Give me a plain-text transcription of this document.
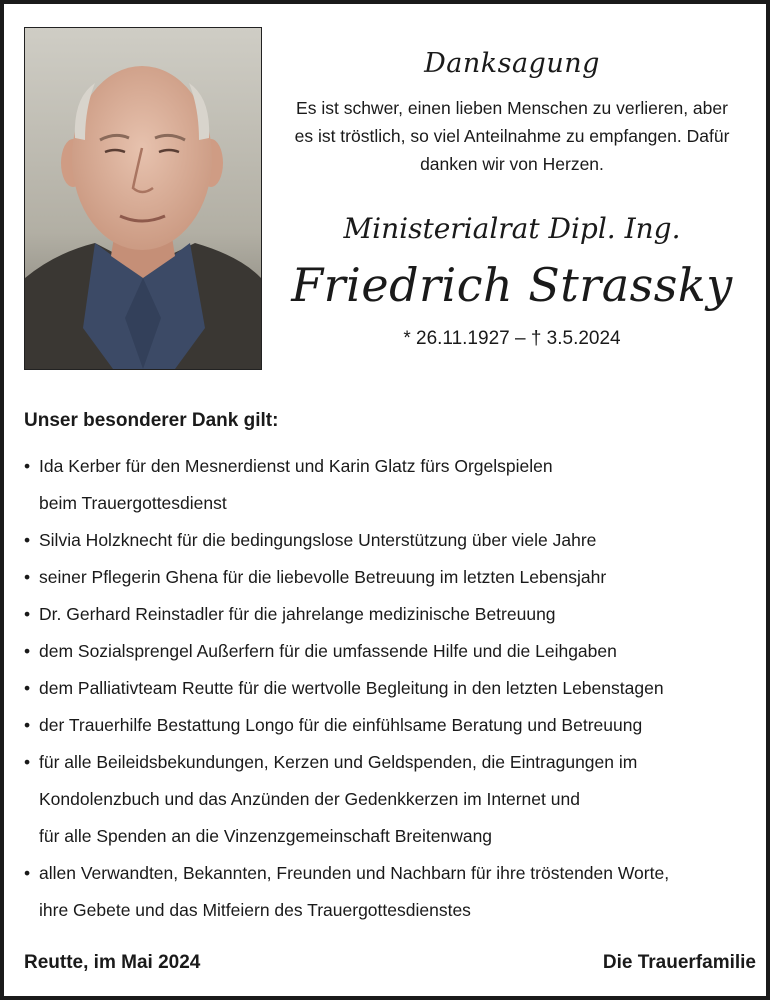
Danksagung
Es ist schwer, einen lieben Menschen zu verlieren, aber
es ist tröstlich, so viel Anteilnahme zu empfangen. Dafür
danken wir von Herzen.
Ministerialrat Dipl. Ing.
Friedrich Strassky
* 26.11.1927 – † 3.5.2024
Unser besonderer Dank gilt:
• Ida Kerber für den Mesnerdienst und Karin Glatz fürs Orgelspielen
beim Trauergottesdienst
• Silvia Holzknecht für die bedingungslose Unterstützung über viele Jahre
• seiner Pflegerin Ghena für die liebevolle Betreuung im letzten Lebensjahr
• Dr. Gerhard Reinstadler für die jahrelange medizinische Betreuung
• dem Sozialsprengel Außerfern für die umfassende Hilfe und die Leihgaben
• dem Palliativteam Reutte für die wertvolle Begleitung in den letzten Lebenstagen
• der Trauerhilfe Bestattung Longo für die einfühlsame Beratung und Betreuung
• für alle Beileidsbekundungen, Kerzen und Geldspenden, die Eintragungen im
Kondolenzbuch und das Anzünden der Gedenkkerzen im Internet und
für alle Spenden an die Vinzenzgemeinschaft Breitenwang
• allen Verwandten, Bekannten, Freunden und Nachbarn für ihre tröstenden Worte,
ihre Gebete und das Mitfeiern des Trauergottesdienstes
Reutte, im Mai 2024	Die Trauerfamilie
